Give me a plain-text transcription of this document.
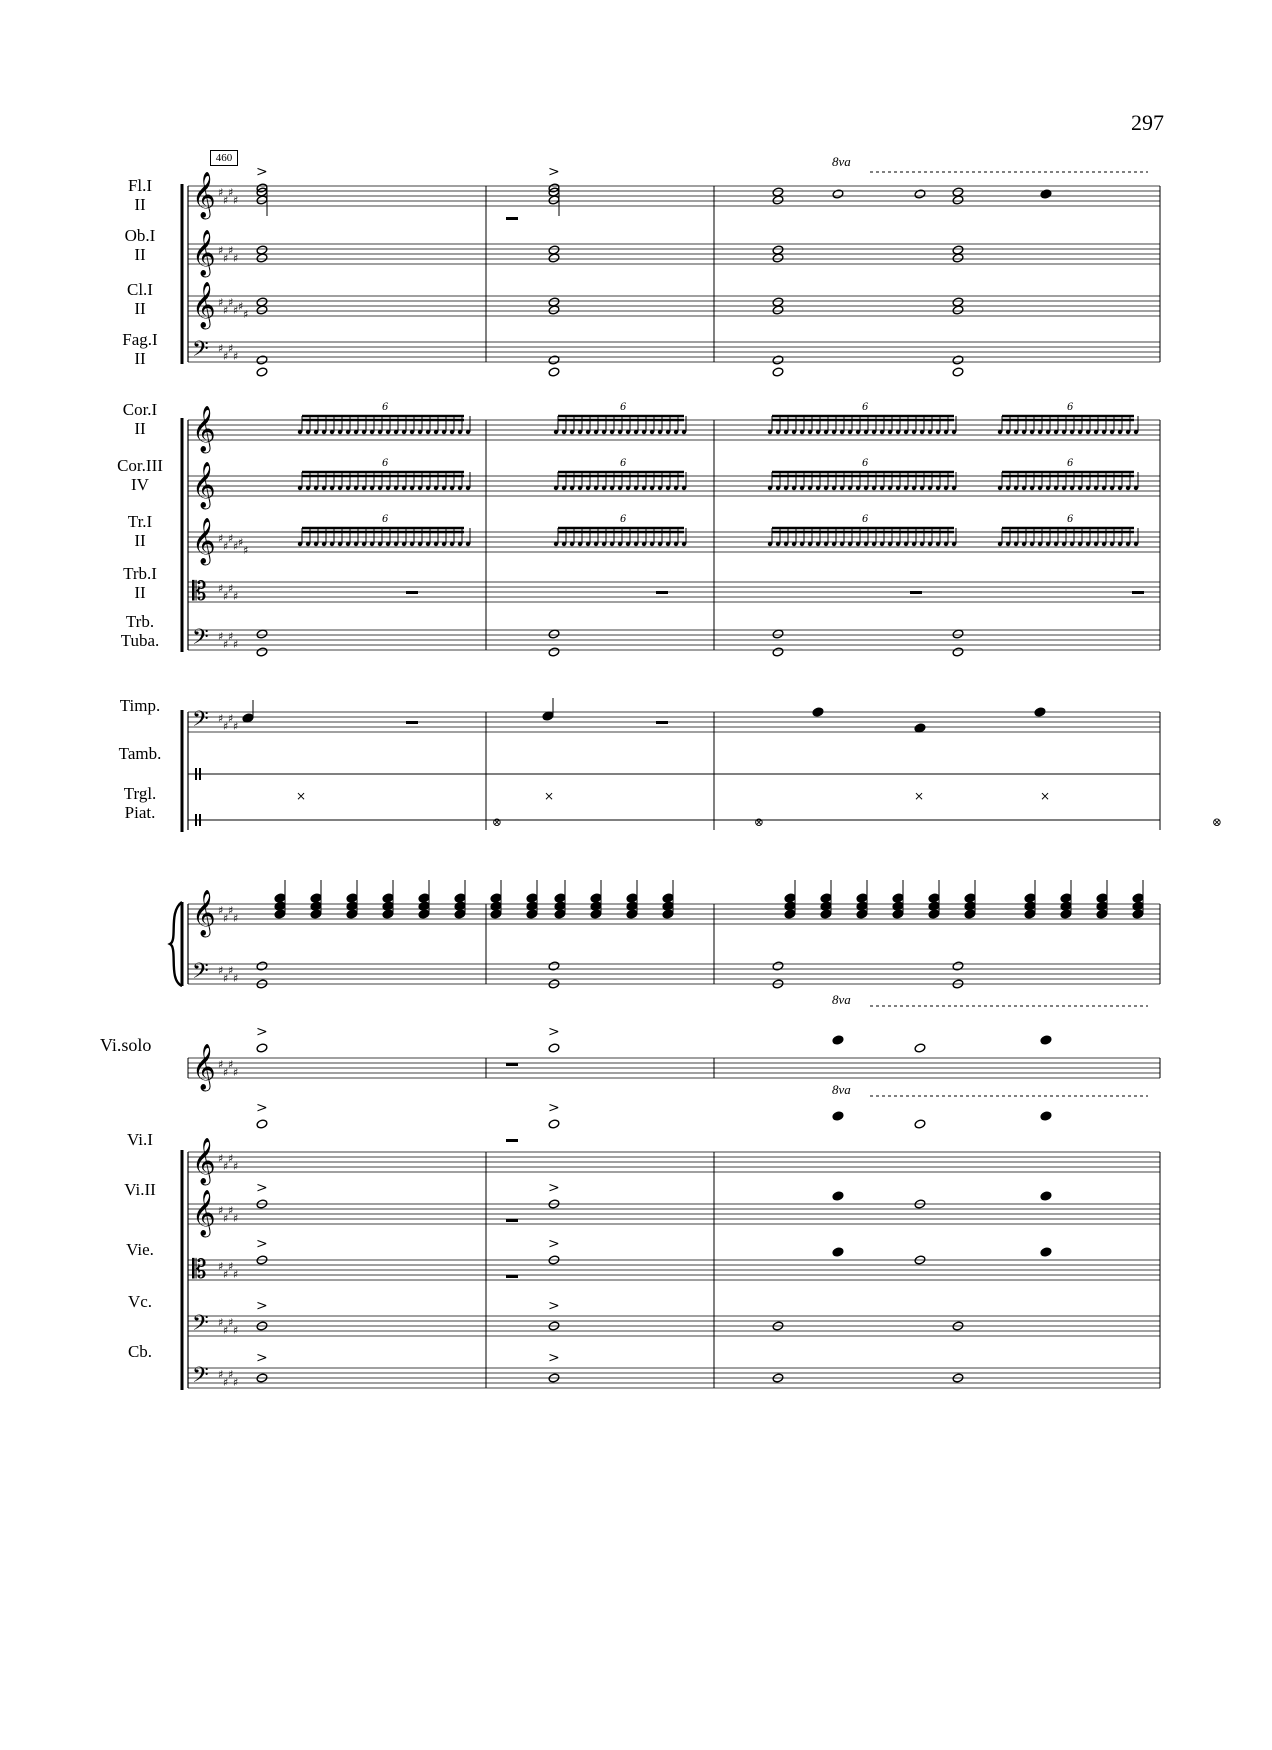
297
460
Fl.I
II
Ob.I
II
Cl.I
II
Fag.I
II
Cor.I
II
Cor.III
IV
Tr.I
II
Trb.I
II
Trb.
Tuba.
Timp.
Tamb.
Trgl.
Piat.
Vi.solo
Vi.I
Vi.II
Vie.
Vc.
Cb.
8va
8va
8va
𝄞 ♯
♯
♯
♯
𝄞 ♯
♯
♯
♯
𝄞 ♯
♯
♯
♯ ♯
♯
𝄢 ♯
♯
♯
♯
𝄞
𝄞
𝄞 ♯
♯
♯
♯ ♯
♯
𝄡 ♯
♯
♯
♯
𝄢 ♯
♯
♯
♯
𝄢 ♯
♯
♯
♯
𝄞 ♯
♯
♯
♯
𝄢 ♯
♯
♯
♯
𝄞 ♯
♯
♯
♯
𝄞 ♯
♯
♯
♯
𝄞 ♯
♯
♯
♯
𝄡 ♯
♯
♯
♯
𝄢 ♯
♯
♯
♯
𝄢 ♯
♯
♯
♯
>	>
6	6	6	6
6	6	6	6
6	6	6	6
×	×	×	×
⊗	⊗	⊗
>	>
>	>
>	>
>	>
>	>
>	>
